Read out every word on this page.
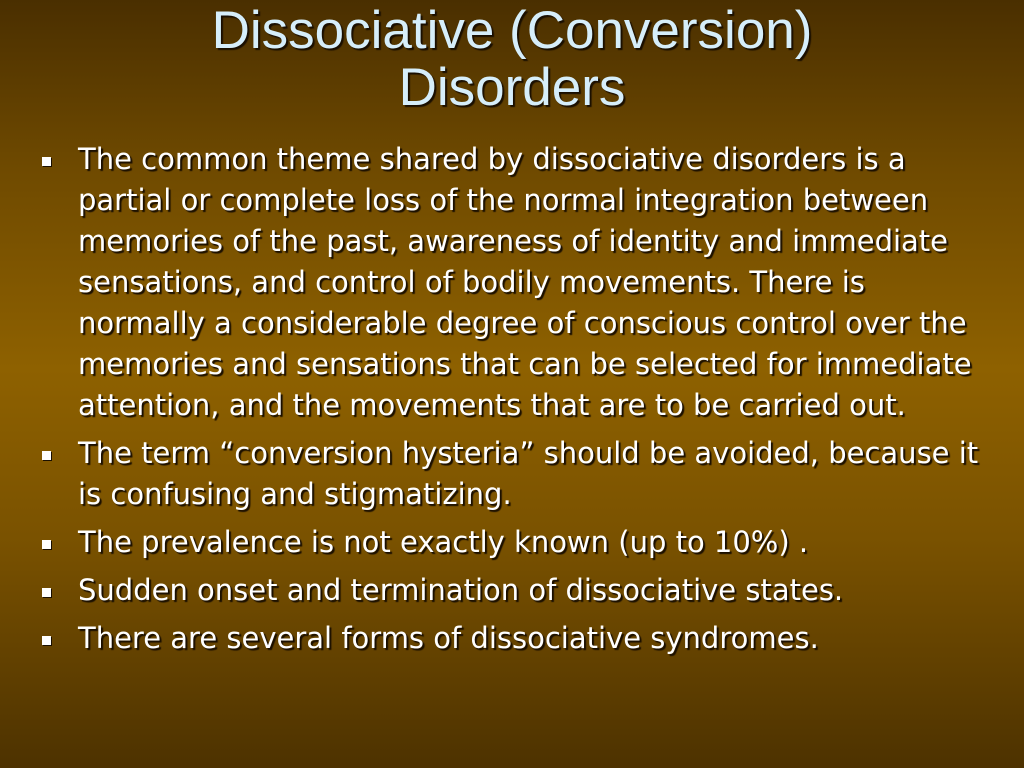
Dissociative (Conversion)
Disorders
The common theme shared by dissociative disorders is a partial or complete loss of the normal integration between memories of the past, awareness of identity and immediate sensations, and control of bodily movements. There is normally a considerable degree of conscious control over the memories and sensations that can be selected for immediate attention, and the movements that are to be carried out.
The term “conversion hysteria” should be avoided, because it is confusing and stigmatizing.
The prevalence is not exactly known (up to 10%) .
Sudden onset and termination of dissociative states.
There are several forms of dissociative syndromes.
